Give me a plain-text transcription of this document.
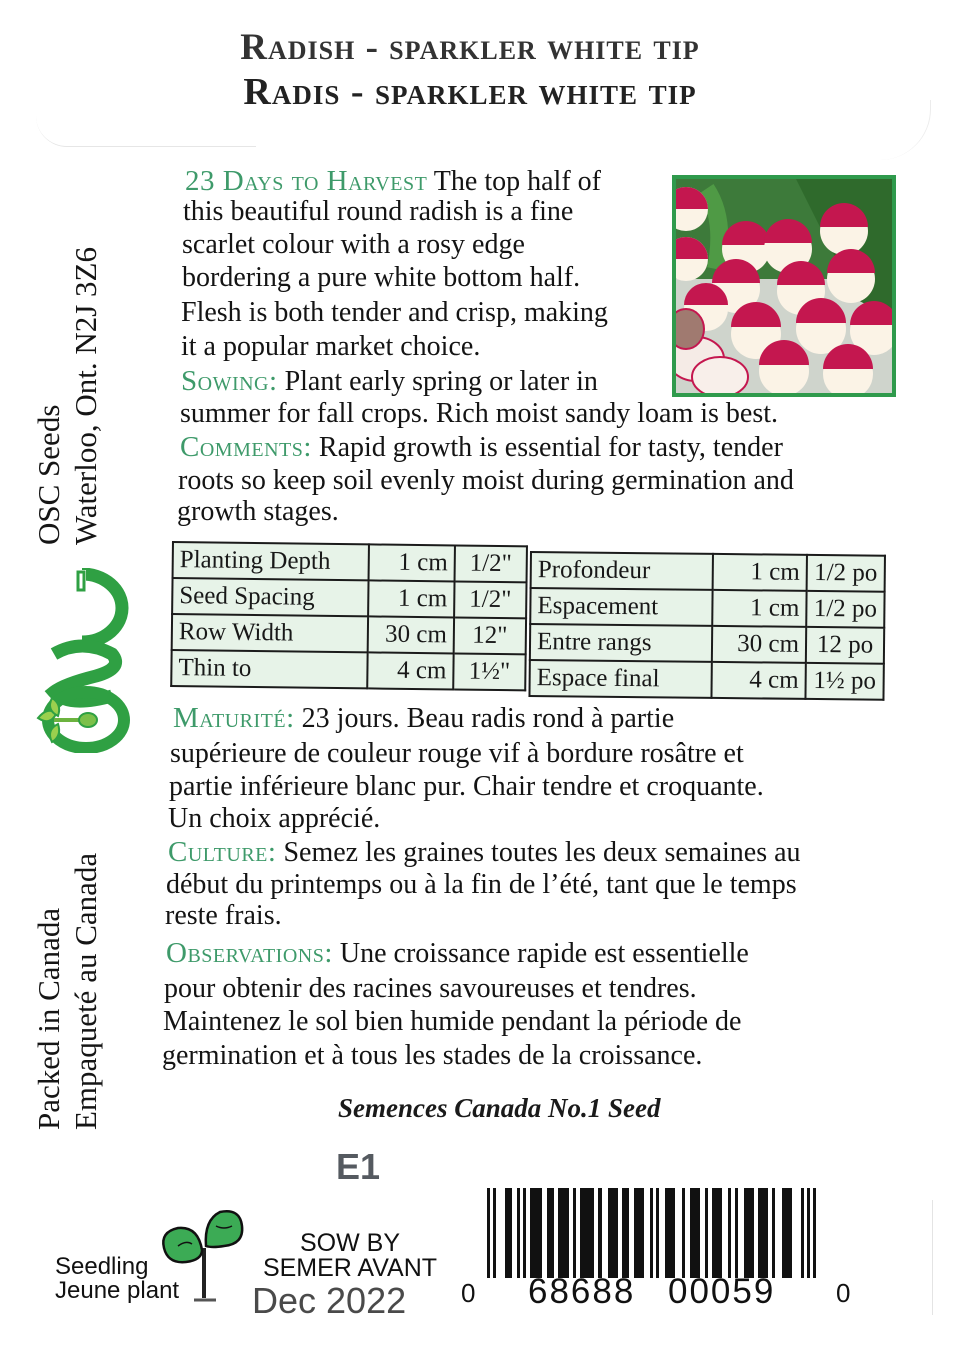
Radish - sparkler white tip
Radis - sparkler white tip
OSC Seeds Waterloo, Ont. N2J 3Z6
Packed in Canada Empaqueté au Canada
23 Days to Harvest The top half of
this beautiful round radish is a fine
scarlet colour with a rosy edge
bordering a pure white bottom half.
Flesh is both tender and crisp, making
it a popular market choice.
Sowing: Plant early spring or later in
summer for fall crops. Rich moist sandy loam is best.
Comments: Rapid growth is essential for tasty, tender
roots so keep soil evenly moist during germination and
growth stages.
Planting Depth	1 cm	1/2"
Seed Spacing	1 cm	1/2"
Row Width	30 cm	12"
Thin to	4 cm	1½"
Profondeur	1 cm	1/2 po
Espacement	1 cm	1/2 po
Entre rangs	30 cm	12 po
Espace final	4 cm	1½ po
Maturité: 23 jours. Beau radis rond à partie
supérieure de couleur rouge vif à bordure rosâtre et
partie inférieure blanc pur. Chair tendre et croquante.
Un choix apprécié.
Culture: Semez les graines toutes les deux semaines au
début du printemps ou à la fin de l’été, tant que le temps
reste frais.
Observations: Une croissance rapide est essentielle
pour obtenir des racines savoureuses et tendres.
Maintenez le sol bien humide pendant la période de
germination et à tous les stades de la croissance.
Semences Canada No.1 Seed
E1
Seedling
Jeune plant
SOW BY
SEMER AVANT
Dec 2022	0 68688 00059 0
